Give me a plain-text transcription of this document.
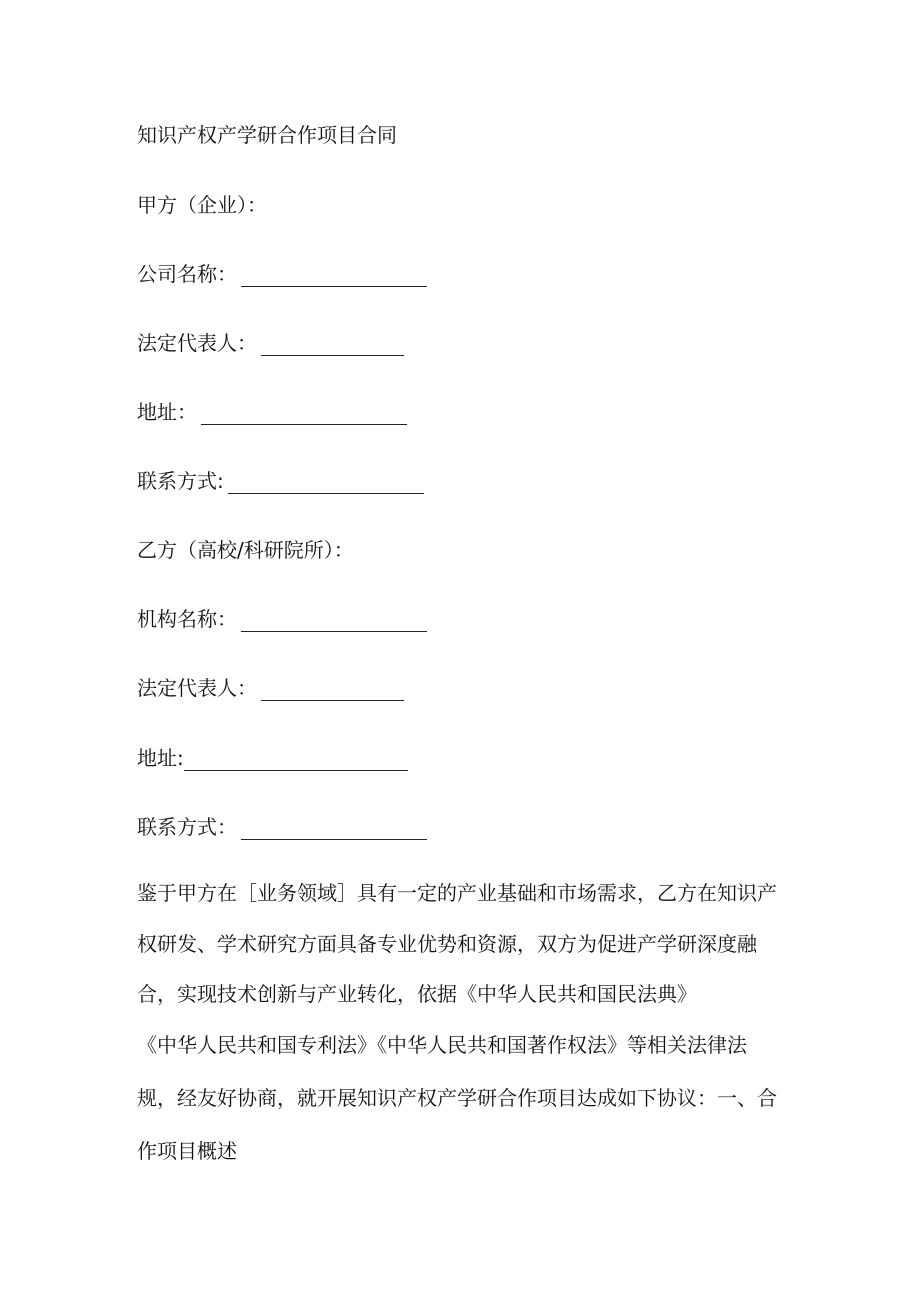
知识产权产学研合作项目合同
甲方（企业）：
公司名称：
法定代表人：
地址：
联系方式:
乙方（高校/科研院所）：
机构名称：
法定代表人：
地址:
联系方式：
鉴于甲方在［业务领域］具有一定的产业基础和市场需求，乙方在知识产
权研发、学术研究方面具备专业优势和资源，双方为促进产学研深度融
合，实现技术创新与产业转化，依据《中华人民共和国民法典》
《中华人民共和国专利法》《中华人民共和国著作权法》等相关法律法
规，经友好协商，就开展知识产权产学研合作项目达成如下协议：一、合
作项目概述
